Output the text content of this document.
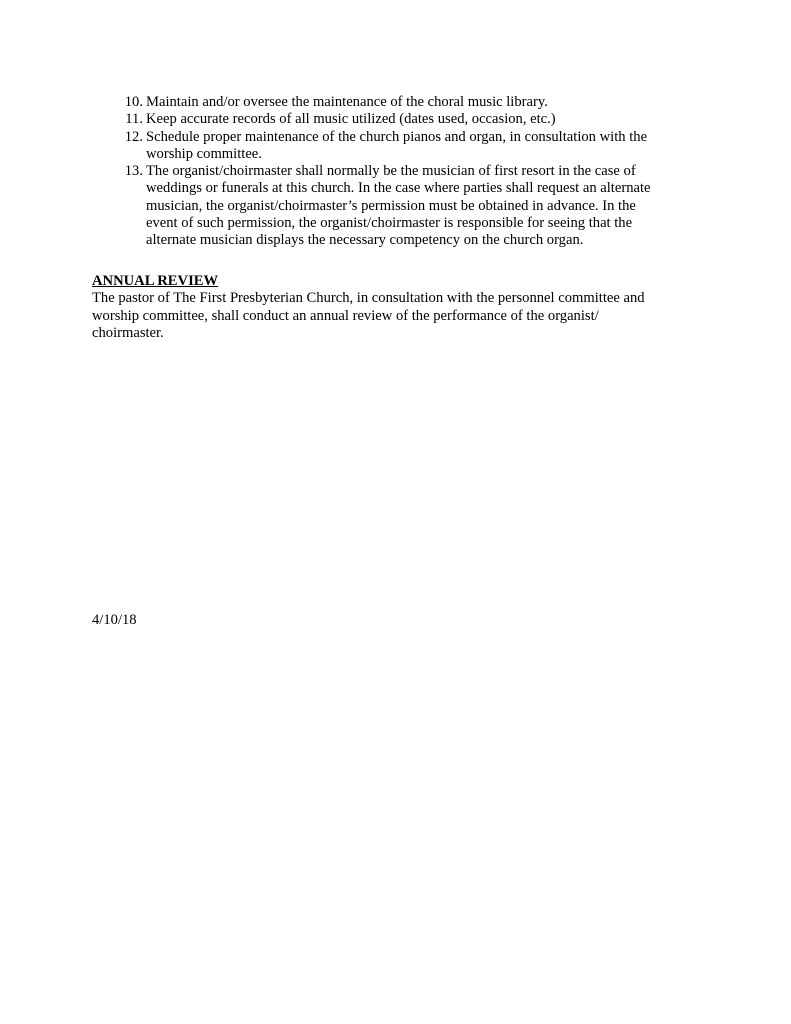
10. Maintain and/or oversee the maintenance of the choral music library.
11. Keep accurate records of all music utilized (dates used, occasion, etc.)
12. Schedule proper maintenance of the church pianos and organ, in consultation with the
worship committee.
13. The organist/choirmaster shall normally be the musician of first resort in the case of
weddings or funerals at this church. In the case where parties shall request an alternate
musician, the organist/choirmaster’s permission must be obtained in advance. In the
event of such permission, the organist/choirmaster is responsible for seeing that the
alternate musician displays the necessary competency on the church organ.

ANNUAL REVIEW

The pastor of The First Presbyterian Church, in consultation with the personnel committee and
worship committee, shall conduct an annual review of the performance of the organist/
choirmaster.

4/10/18
